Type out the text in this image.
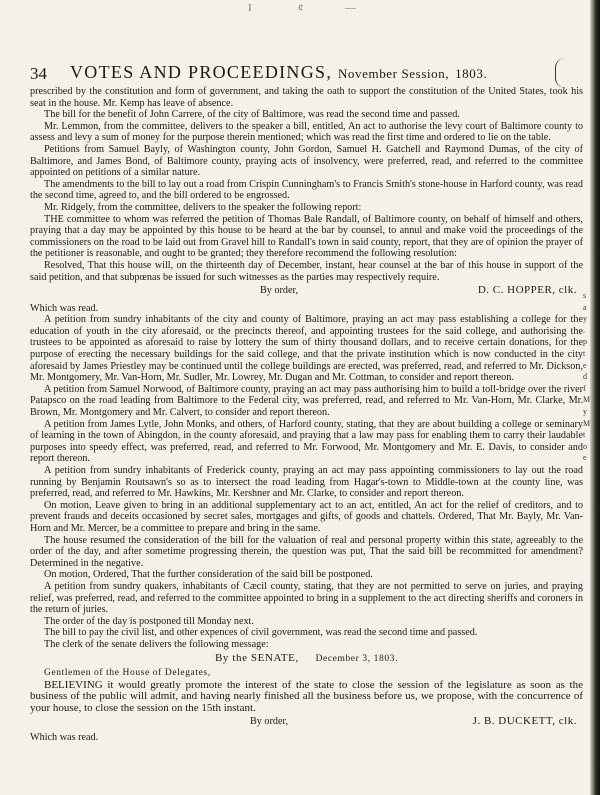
I	¢	—
34 VOTES AND PROCEEDINGS, November Session, 1803.

prescribed by the constitution and form of government, and taking the oath to support the constitution of the United States, took his seat in the house. Mr. Kemp has leave of absence.

The bill for the benefit of John Carrere, of the city of Baltimore, was read the second time and passed.

Mr. Lemmon, from the committee, delivers to the speaker a bill, entitled, An act to authorise the levy court of Baltimore county to assess and levy a sum of money for the purpose therein mentioned; which was read the first time and ordered to lie on the table.

Petitions from Samuel Bayly, of Washington county, John Gordon, Samuel H. Gatchell and Raymond Dumas, of the city of Baltimore, and James Bond, of Baltimore county, praying acts of insolvency, were preferred, read, and referred to the committee appointed on petitions of a similar nature.

The amendments to the bill to lay out a road from Crispin Cunningham's to Francis Smith's stone-house in Harford county, was read the second time, agreed to, and the bill ordered to be engrossed.

Mr. Ridgely, from the committee, delivers to the speaker the following report:

THE committee to whom was referred the petition of Thomas Bale Randall, of Baltimore county, on behalf of himself and others, praying that a day may be appointed by this house to be heard at the bar by counsel, to annul and make void the proceedings of the commissioners on the road to be laid out from Gravel hill to Randall's town in said county, report, that they are of opinion the prayer of the petitioner is reasonable, and ought to be granted; they therefore recommend the following resolution:

Resolved, That this house will, on the thirteenth day of December, instant, hear counsel at the bar of this house in support of the said petition, and that subpœnas be issued for such witnesses as the parties may respectively require.

By order,	D. C. HOPPER, clk.

Which was read.

A petition from sundry inhabitants of the city and county of Baltimore, praying an act may pass establishing a college for the education of youth in the city aforesaid, or the precincts thereof, and appointing trustees for the said college, and authorising the trustees to be appointed as aforesaid to raise by lottery the sum of thirty thousand dollars, and to receive certain donations, for the purpose of erecting the necessary buildings for the said college, and that the private institution which is now conducted in the city aforesaid by James Priestley may be continued until the college buildings are erected, was preferred, read, and referred to Mr. Dickson, Mr. Montgomery, Mr. Van-Horn, Mr. Sudler, Mr. Lowrey, Mr. Dugan and Mr. Cottman, to consider and report thereon.

A petition from Samuel Norwood, of Baltimore county, praying an act may pass authorising him to build a toll-bridge over the river Patapsco on the road leading from Baltimore to the Federal city, was preferred, read, and referred to Mr. Van-Horn, Mr. Clarke, Mr. Brown, Mr. Montgomery and Mr. Calvert, to consider and report thereon.

A petition from James Lytle, John Monks, and others, of Harford county, stating, that they are about building a college or seminary of learning in the town of Abingdon, in the county aforesaid, and praying that a law may pass for enabling them to carry their laudable purposes into speedy effect, was preferred, read, and referred to Mr. Forwood, Mr. Montgomery and Mr. E. Davis, to consider and report thereon.

A petition from sundry inhabitants of Frederick county, praying an act may pass appointing commissioners to lay out the road running by Benjamin Routsawn's so as to intersect the road leading from Hagar's-town to Middle-town at the county line, was preferred, read, and referred to Mr. Hawkins, Mr. Kershner and Mr. Clarke, to consider and report thereon.

On motion, Leave given to bring in an additional supplementary act to an act, entitled, An act for the relief of creditors, and to prevent frauds and deceits occasioned by secret sales, mortgages and gifts, of goods and chattels. Ordered, That Mr. Bayly, Mr. Van-Horn and Mr. Mercer, be a committee to prepare and bring in the same.

The house resumed the consideration of the bill for the valuation of real and personal property within this state, agreeably to the order of the day, and after sometime progressing therein, the question was put, That the said bill be recommitted for amendment? Determined in the negative.

On motion, Ordered, That the further consideration of the said bill be postponed.

A petition from sundry quakers, inhabitants of Cæcil county, stating, that they are not permitted to serve on juries, and praying relief, was preferred, read, and referred to the committee appointed to bring in a supplement to the act directing sheriffs and coroners in the return of juries.

The order of the day is postponed till Monday next.

The bill to pay the civil list, and other expences of civil government, was read the second time and passed.

The clerk of the senate delivers the following message:

By the SENATE, December 3, 1803.

Gentlemen of the House of Delegates,

BELIEVING it would greatly promote the interest of the state to close the session of the legislature as soon as the business of the public will admit, and having nearly finished all the business before us, we propose, with the concurrence of your house, to close the session on the 15th instant.

By order,	J. B. DUCKETT, clk.

Which was read.

s a y . p t e d f M y M t o e
